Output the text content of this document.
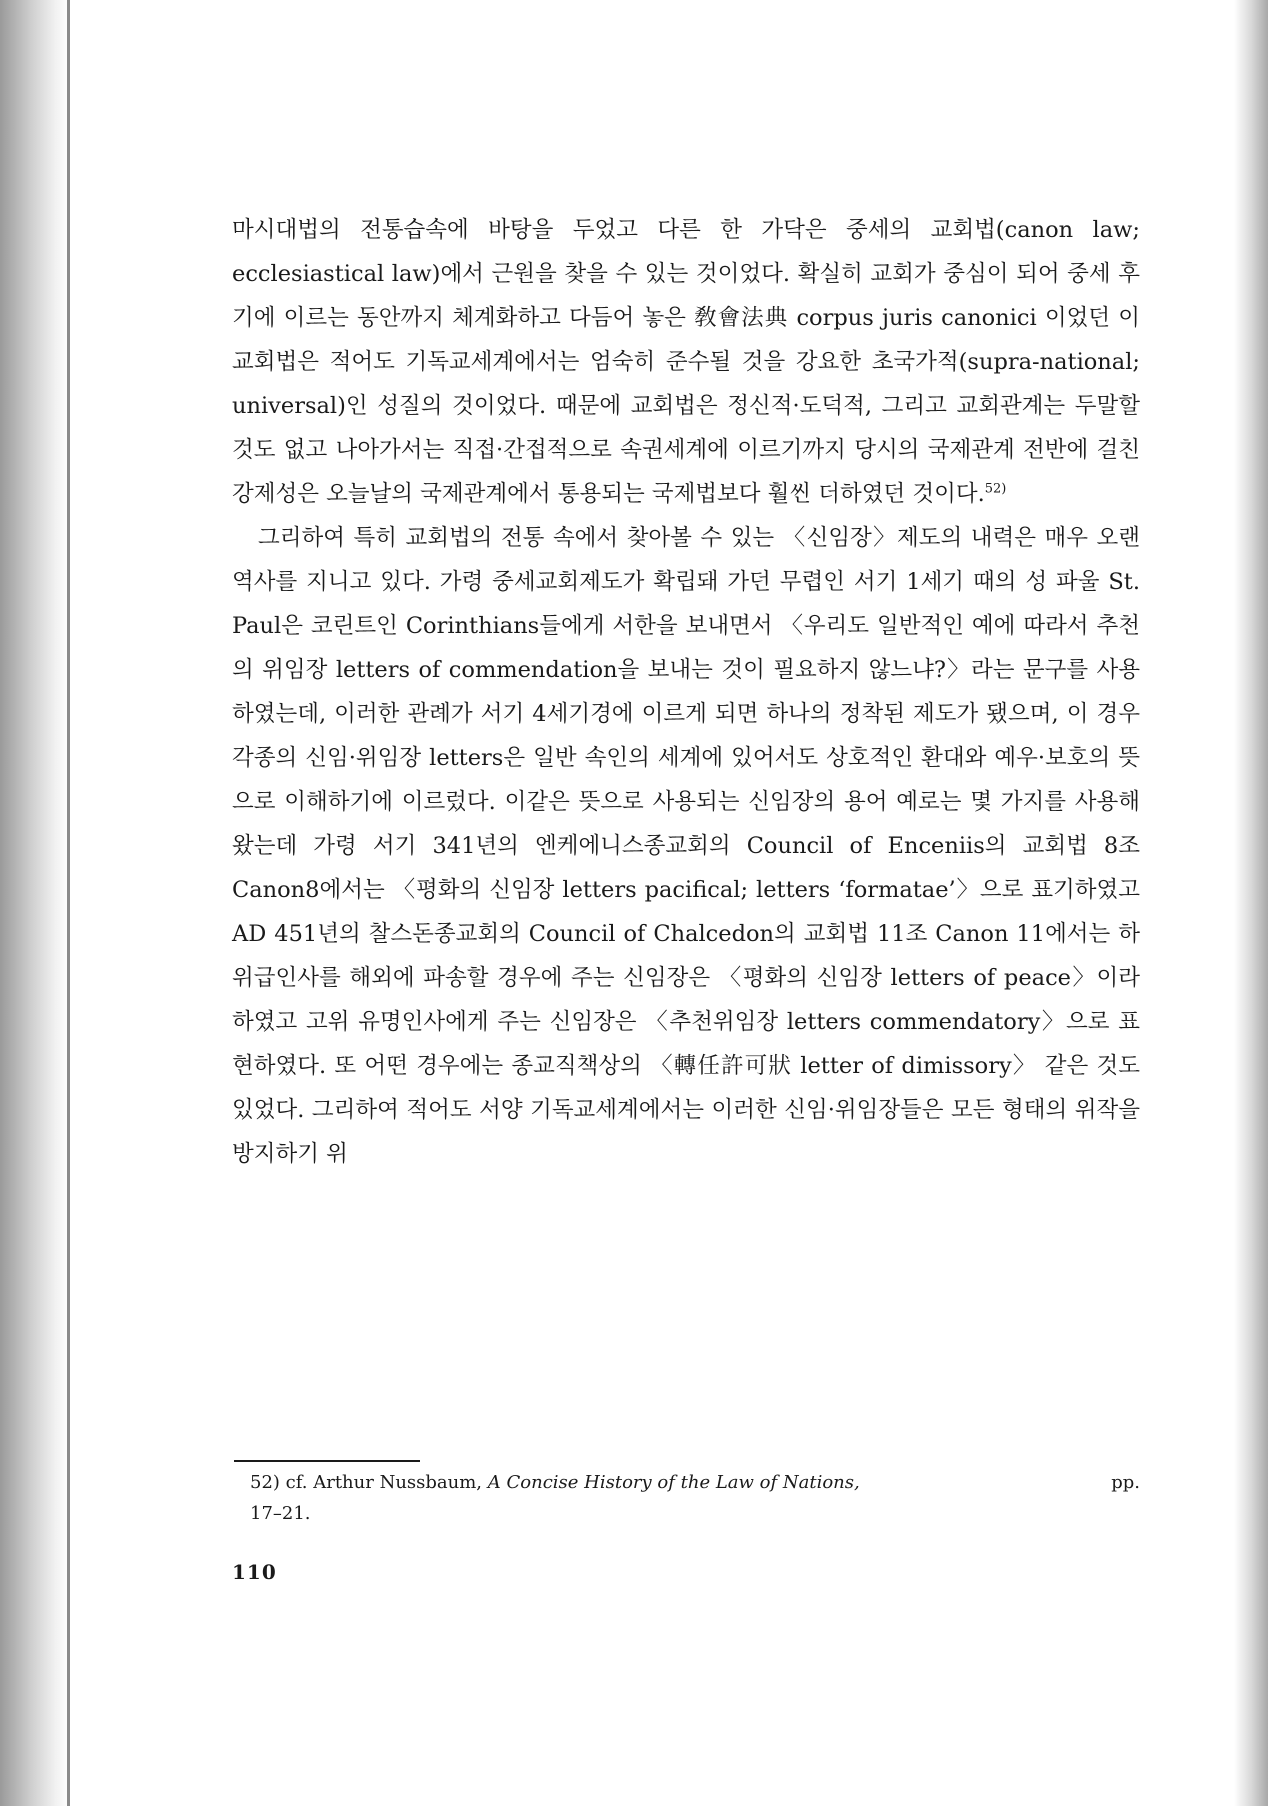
마시대법의 전통습속에 바탕을 두었고 다른 한 가닥은 중세의 교회법(canon law; ecclesiastical law)에서 근원을 찾을 수 있는 것이었다. 확실히 교회가 중심이 되어 중세 후기에 이르는 동안까지 체계화하고 다듬어 놓은 敎會法典 corpus juris canonici 이었던 이 교회법은 적어도 기독교세계에서는 엄숙히 준수될 것을 강요한 초국가적(supra-national; universal)인 성질의 것이었다. 때문에 교회법은 정신적·도덕적, 그리고 교회관계는 두말할 것도 없고 나아가서는 직접·간접적으로 속권세계에 이르기까지 당시의 국제관계 전반에 걸친 강제성은 오늘날의 국제관계에서 통용되는 국제법보다 훨씬 더하였던 것이다.$^{52)}$

그리하여 특히 교회법의 전통 속에서 찾아볼 수 있는 〈신임장〉제도의 내력은 매우 오랜 역사를 지니고 있다. 가령 중세교회제도가 확립돼 가던 무렵인 서기 1세기 때의 성 파울 St. Paul은 코린트인 Corinthians들에게 서한을 보내면서 〈우리도 일반적인 예에 따라서 추천의 위임장 letters of commendation을 보내는 것이 필요하지 않느냐?〉라는 문구를 사용하였는데, 이러한 관례가 서기 4세기경에 이르게 되면 하나의 정착된 제도가 됐으며, 이 경우 각종의 신임·위임장 letters은 일반 속인의 세계에 있어서도 상호적인 환대와 예우·보호의 뜻으로 이해하기에 이르렀다. 이같은 뜻으로 사용되는 신임장의 용어 예로는 몇 가지를 사용해 왔는데 가령 서기 341년의 엔케에니스종교회의 Council of Enceniis의 교회법 8조 Canon8에서는 〈평화의 신임장 letters pacifical; letters ‘formatae’〉으로 표기하였고 AD 451년의 찰스돈종교회의 Council of Chalcedon의 교회법 11조 Canon 11에서는 하위급인사를 해외에 파송할 경우에 주는 신임장은 〈평화의 신임장 letters of peace〉이라 하였고 고위 유명인사에게 주는 신임장은 〈추천위임장 letters commendatory〉으로 표현하였다. 또 어떤 경우에는 종교직책상의 〈轉任許可狀 letter of dimissory〉 같은 것도 있었다. 그리하여 적어도 서양 기독교세계에서는 이러한 신임·위임장들은 모든 형태의 위작을 방지하기 위

52) cf. Arthur Nussbaum, A Concise History of the Law of Nations,	pp.

17–21.
110
